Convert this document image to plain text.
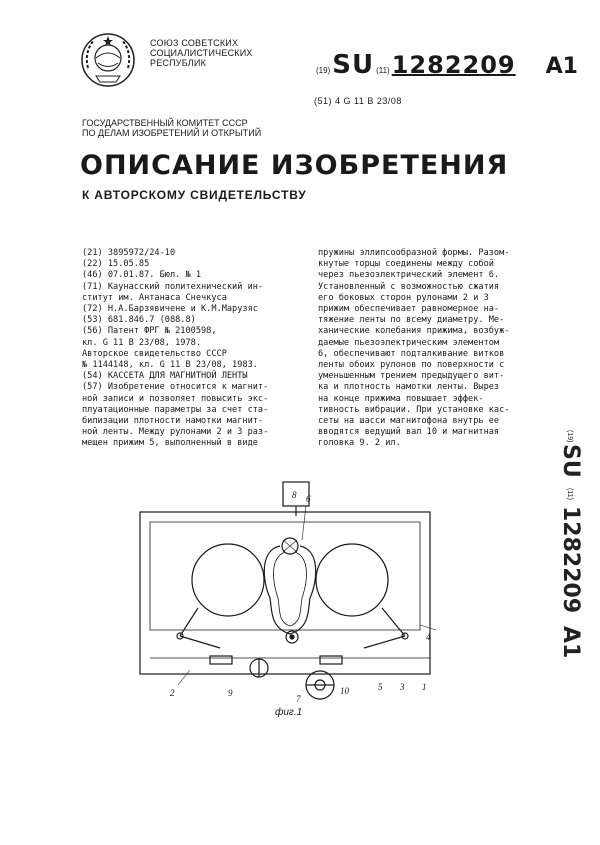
СОЮЗ СОВЕТСКИХ
СОЦИАЛИСТИЧЕСКИХ
РЕСПУБЛИК
(19) SU (11) 1282209 A1
(51) 4 G 11 B 23/08
ГОСУДАРСТВЕННЫЙ КОМИТЕТ СССР
ПО ДЕЛАМ ИЗОБРЕТЕНИЙ И ОТКРЫТИЙ
ОПИСАНИЕ ИЗОБРЕТЕНИЯ
К АВТОРСКОМУ СВИДЕТЕЛЬСТВУ
(21) 3895972/24-10
(22) 15.05.85
(46) 07.01.87. Бюл. № 1
(71) Каунасский политехнический ин-
ститут им. Антанаса Снечкуса
(72) Н.А.Барзявичене и К.М.Марузяс
(53) 681.846.7 (088.8)
(56) Патент ФРГ № 2100598,
кл. G 11 B 23/08, 1978.
Авторское свидетельство СССР
№ 1144148, кл. G 11 B 23/08, 1983.
(54) КАССЕТА ДЛЯ МАГНИТНОЙ ЛЕНТЫ
(57) Изобретение относится к магнит-
ной записи и позволяет повысить экс-
плуатационные параметры за счет ста-
билизации плотности намотки магнит-
ной ленты. Между рулонами 2 и 3 раз-
мещен прижим 5, выполненный в виде
пружины эллипсообразной формы. Разом-
кнутые торцы соединены между собой
через пьезоэлектрический элемент 6.
Установленный с возможностью сжатия
его боковых сторон рулонами 2 и 3
прижим обеспечивает равномерное на-
тяжение ленты по всему диаметру. Ме-
ханические колебания прижима, возбуж-
даемые пьезоэлектрическим элементом
6, обеспечивают подталкивание витков
ленты обоих рулонов по поверхности с
уменьшенным трением предыдущего вит-
ка и плотность намотки ленты. Вырез
на конце прижима повышает эффек-
тивность вибрации. При установке кас-
сеты на шасси магнитофона внутрь ее
вводятся ведущий вал 10 и магнитная
головка 9. 2 ил.
(19)
SU
(11)
1282209
A1
8 6
4
2	9
7
10	5 3 1
фиг.1
